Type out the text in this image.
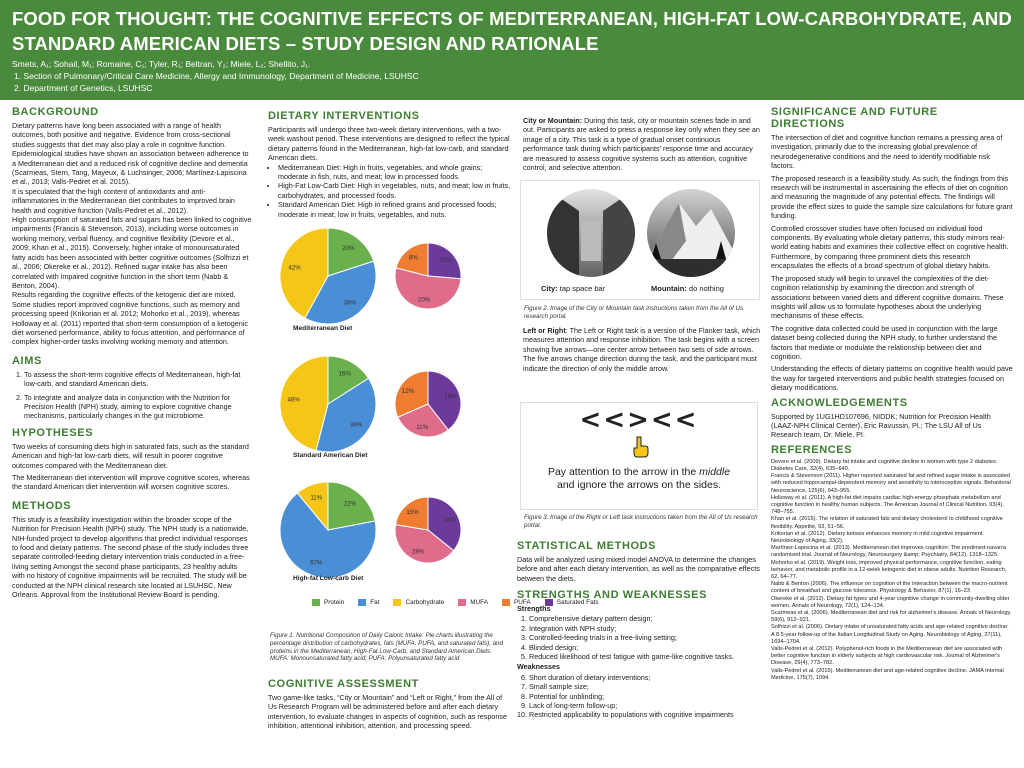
FOOD FOR THOUGHT: THE COGNITIVE EFFECTS OF MEDITERRANEAN, HIGH-FAT LOW-CARBOHYDRATE, AND STANDARD AMERICAN DIETS – STUDY DESIGN AND RATIONALE
Smets, A₁; Sohail, M₁; Romaine, C₁; Tyler, R₁; Beltran, Y₂; Miele, L₂; Shellito, J₁.
1. Section of Pulmonary/Critical Care Medicine, Allergy and Immunology, Department of Medicine, LSUHSC
2. Department of Genetics, LSUHSC
BACKGROUND

Dietary patterns have long been associated with a range of health outcomes, both positive and negative. Evidence from cross-sectional studies suggests that diet may also play a role in cognitive function.

Epidemiological studies have shown an association between adherence to a Mediterranean diet and a reduced risk of cognitive decline and dementia (Scarmeas, Stern, Tang, Mayeux, & Luchsinger, 2006; Martínez-Lapiscina et al., 2013; Valls-Pedret et al. 2015).

It is speculated that the high content of antioxidants and anti-inflammatories in the Mediterranean diet contributes to improved brain health and cognitive function (Valls-Pedret et al., 2012).

High consumption of saturated fats and sugars has been linked to cognitive impairments (Francis & Stevenson, 2013), including worse outcomes in working memory, verbal fluency, and cognitive flexibility (Devore et al., 2009; Khan et al., 2015). Conversely, higher intake of monounsaturated fatty acids has been associated with better cognitive outcomes (Solfrizzi et al., 2006; Okereke et al., 2012). Refined sugar intake has also been correlated with impaired cognitive function in the short term (Nabb & Benton, 2004).

Results regarding the cognitive effects of the ketogenic diet are mixed. Some studies report improved cognitive functions, such as memory and processing speed (Krikorian et al. 2012; Mohorko et al., 2019), whereas Holloway et al. (2011) reported that short-term consumption of a ketogenic diet worsened performance, ability to focus attention, and performance of complex higher-order tasks involving working memory and attention.

AIMS
1. To assess the short-term cognitive effects of Mediterranean, high-fat low-carb, and standard American diets.
2. To integrate and analyze data in conjunction with the Nutrition for Precision Health (NPH) study, aiming to explore cognitive change mechanisms, particularly changes in the gut microbiome.
HYPOTHESES

Two weeks of consuming diets high in saturated fats, such as the standard American and high-fat low-carb diets, will result in poorer cognitive outcomes compared with the Mediterranean diet.

The Mediterranean diet intervention will improve cognitive scores, whereas the standard American diet intervention will worsen cognitive scores.

METHODS

This study is a feasibility investigation within the broader scope of the Nutrition for Precision Health (NPH) study. The NPH study is a nationwide, NIH-funded project to develop algorithms that predict individual responses to food and dietary patterns. The second phase of the study includes three separate controlled-feeding dietary intervention trials conducted in a free-living setting Amongst the second phase participants, 23 healthy adults with no history of cognitive impairments will be recruited. The study will be conducted at the NPH clinical research site located at LSUHSC, New Orleans. Approval from the Institutional Review Board is pending.

DIETARY INTERVENTIONS

Participants will undergo three two-week dietary interventions, with a two-week washout period. These interventions are designed to reflect the typical dietary patterns found in the Mediterranean, high-fat low-carb, and standard American diets.

• Mediterranean Diet: High in fruits, vegetables, and whole grains; moderate in fish, nuts, and meat; low in processed foods.
• High-Fat Low-Carb Diet: High in vegetables, nuts, and meat; low in fruits, carbohydrates, and processed foods.
• Standard American Diet: High in refined grains and processed foods; moderate in meat; low in fruits, vegetables, and nuts.
20%
38%
42%
10%
20%
8%
16%
38%
46%	15%
11%
12%
22%
67%
11%
24%
28%
15%
Mediterranean Diet
Standard American Diet
High-fat Low-carb Diet
Protein	Fat	Carbohydrate	MUFA	PUFA	Saturated Fats
Figure 1. Nutritional Composition of Daily Caloric Intake: Pie charts illustrating the percentage distribution of carbohydrates, fats (MUFA, PUFA, and saturated fats), and proteins in the Mediterranean, High-Fat Low-Carb, and Standard American Diets. MUFA: Monounsaturated fatty acid; PUFA: Polyunsaturated fatty acid
COGNITIVE ASSESSMENT

Two game-like tasks, “City or Mountain” and “Left or Right,” from the All of Us Research Program will be administered before and after each dietary intervention, to evaluate changes in aspects of cognition, such as response inhibition, attentional inhibition, attention, and processing speed.

City or Mountain: During this task, city or mountain scenes fade in and out. Participants are asked to press a response key only when they see an image of a city. This task is a type of gradual onset continuous performance task during which participants' response time and accuracy are measured to assess cognitive systems such as attention, cognitive control, and selective attention.

City: tap space bar	Mountain: do nothing
Figure 2. Image of the City or Mountain task instructions taken from the All of Us research portal.

Left or Right: The Left or Right task is a version of the Flanker task, which measures attention and response inhibition. The task begins with a screen showing five arrows—one center arrow between two sets of side arrows. The five arrows change direction during the task, and the participant must indicate the direction of only the middle arrow.

<<><<
Pay attention to the arrow in the middle
and ignore the arrows on the sides.
Figure 3. Image of the Right or Left task instructions taken from the All of Us research portal.
STATISTICAL METHODS

Data will be analyzed using mixed model ANOVA to determine the changes before and after each dietary intervention, as well as the comparative effects between the diets.

STRENGTHS AND WEAKNESSES

Strengths

1. Comprehensive dietary pattern design;
2. Integration with NPH study;
3. Controlled-feeding trials in a free-living setting;
4. Blinded design;
5. Reduced likelihood of test fatigue with game-like cognitive tasks.

Weaknesses

6. Short duration of dietary interventions;
7. Small sample size;
8. Potential for unblinding;
9. Lack of long-term follow-up;
10. Restricted applicability to populations with cognitive impairments
SIGNIFICANCE AND FUTURE DIRECTIONS

The intersection of diet and cognitive function remains a pressing area of investigation, primarily due to the increasing global prevalence of neurodegenerative conditions and the need to identify modifiable risk factors.

The proposed research is a feasibility study. As such, the findings from this research will be instrumental in ascertaining the effects of diet on cognition and measuring the magnitude of any potential effects. The findings will provide the effect sizes to guide the sample size calculations for future grant funding.

Controlled crossover studies have often focused on individual food components. By evaluating whole dietary patterns, this study mirrors real-world eating habits and examines their collective effect on cognitive health. Furthermore, by comparing three prominent diets this research encapsulates the effects of a broad spectrum of global dietary habits.

The proposed study will begin to unravel the complexities of the diet-cognition relationship by examining the direction and strength of associations between varied diets and different cognitive domains. These insights will allow us to formulate hypotheses about the underlying mechanisms of these effects.

The cognitive data collected could be used in conjunction with the large dataset being collected during the NPH study, to further understand the factors that mediate or modulate the relationship between diet and cognition.

Understanding the effects of dietary patterns on cognitive health would pave the way for targeted interventions and public health strategies focused on dietary modifications.

ACKNOWLEDGEMENTS

Supported by 1UG1HD107696, NIDDK; Nutrition for Precision Health (LAAZ-NPH Clinical Center), Eric Ravussin, PI.; The LSU All of Us Research team, Dr. Miele, PI.

REFERENCES

Devore et al. (2009). Dietary fat intake and cognitive decline in women with type 2 diabetes. Diabetes Care, 32(4), 635–640.

Francis & Stevenson (2011). Higher reported saturated fat and refined sugar intake is associated with reduced hippocampal-dependent memory and sensitivity to interoceptive signals. Behavioral Neuroscience, 125(6), 943–955.

Holloway et al. (2011). A high-fat diet impairs cardiac high-energy phosphate metabolism and cognitive function in healthy human subjects. The American Journal of Clinical Nutrition, 93(4), 748–755.

Khan et al. (2015). The relation of saturated fats and dietary cholesterol to childhood cognitive flexibility. Appetite, 93, 51–56.

Krikorian et al. (2012). Dietary ketosis enhances memory in mild cognitive impairment. Neurobiology of Aging, 33(2).

Martínez-Lapiscina et al. (2013). Mediterranean diet improves cognition: The predimed-navarra randomised trial. Journal of Neurology, Neurosurgery &amp; Psychiatry, 84(12), 1318–1325.

Mohorko et al. (2019). Weight loss, improved physical performance, cognitive function, eating behavior, and metabolic profile in a 12-week ketogenic diet in obese adults. Nutrition Research, 62, 64–77.

Nabb & Benton (2006). The influence on cognition of the interaction between the macro-nutrient content of breakfast and glucose tolerance. Physiology & Behavior, 87(1), 16–23

Okereke et al. (2012). Dietary fat types and 4-year cognitive change in community-dwelling older women. Annals of Neurology, 72(1), 124–134.

Scarmeas et al. (2006). Mediterranean diet and risk for alzheimer's disease. Annals of Neurology, 59(6), 912–921.

Solfrizzi et al. (2006). Dietary intake of unsaturated fatty acids and age-related cognitive decline: A 8.5-year follow-up of the Italian Longitudinal Study on Aging. Neurobiology of Aging, 27(11), 1694–1704.

Valls-Pedret et al. (2012). Polyphenol-rich foods in the Mediterranean diet are associated with better cognitive function in elderly subjects at high cardiovascular risk. Journal of Alzheimer's Disease, 29(4), 773–782.

Valls-Pedret et al. (2015). Mediterranean diet and age-related cognitive decline. JAMA Internal Medicine, 175(7), 1094.
